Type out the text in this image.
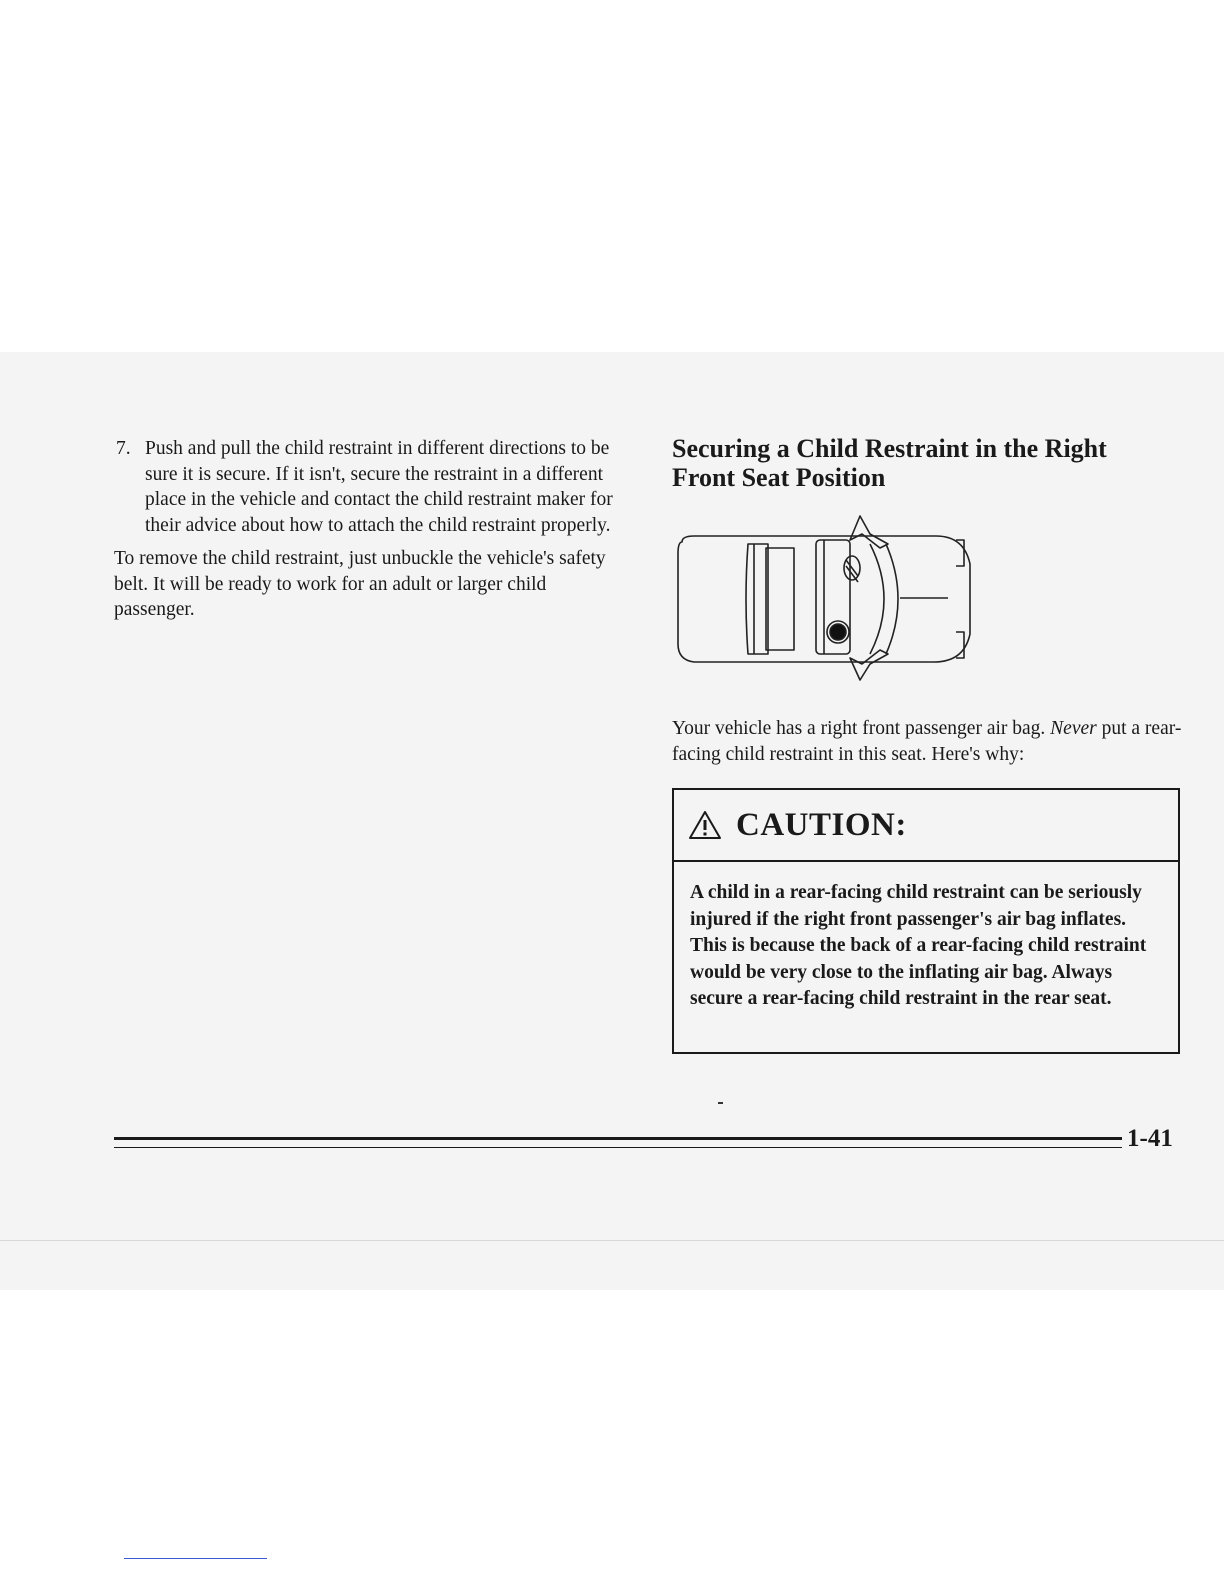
7. Push and pull the child restraint in different directions to be sure it is secure. If it isn't, secure the restraint in a different place in the vehicle and contact the child restraint maker for their advice about how to attach the child restraint properly.

To remove the child restraint, just unbuckle the vehicle's safety belt. It will be ready to work for an adult or larger child passenger.

Securing a Child Restraint in the Right
Front Seat Position

Your vehicle has a right front passenger air bag. Never put a rear-facing child restraint in this seat. Here's why:

CAUTION:

A child in a rear-facing child restraint can be seriously injured if the right front passenger's air bag inflates. This is because the back of a rear-facing child restraint would be very close to the inflating air bag. Always secure a rear-facing child restraint in the rear seat.

1-41
